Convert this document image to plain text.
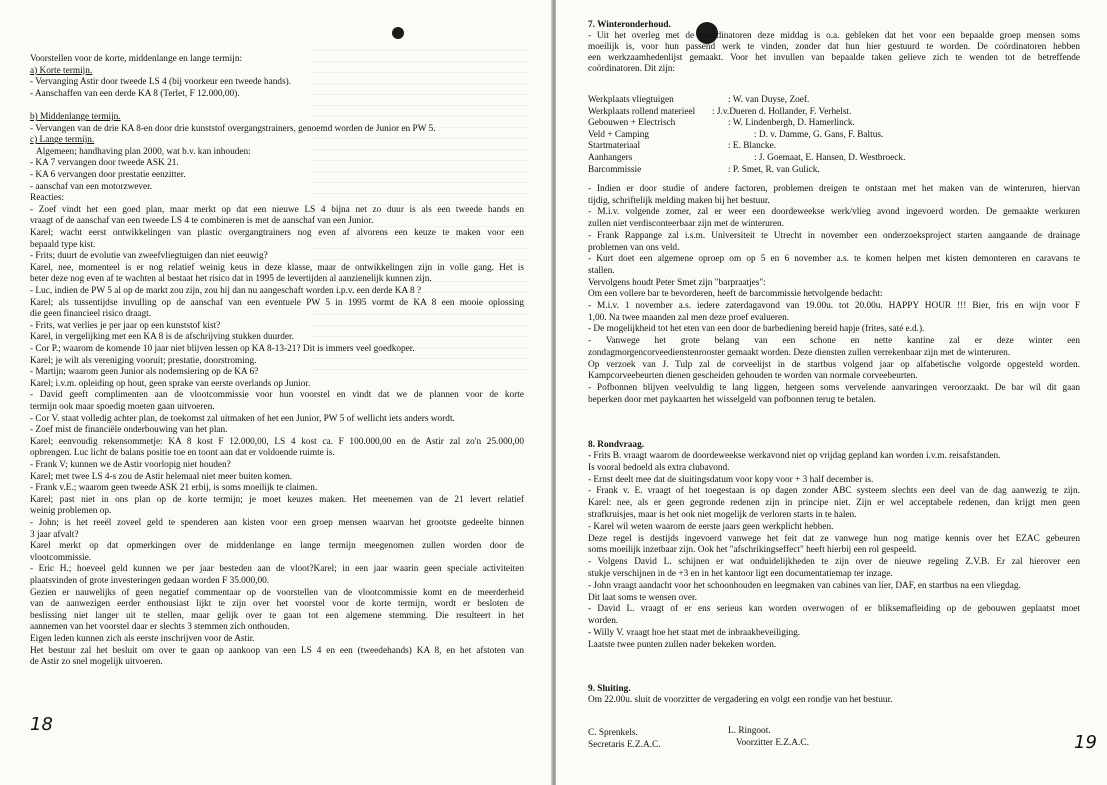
Voorstellen voor de korte, middenlange en lange termijn:
a) Korte termijn.
- Vervanging Astir door tweede LS 4 (bij voorkeur een tweede hands).
- Aanschaffen van een derde KA 8 (Terlet, F 12.000,00).
b) Middenlange termijn.
- Vervangen van de drie KA 8-en door drie kunststof overgangstrainers, genoemd worden de Junior en PW 5.
c) Lange termijn.
Algemeen; handhaving plan 2000, wat b.v. kan inhouden:
- KA 7 vervangen door tweede ASK 21.
- KA 6 vervangen door prestatie eenzitter.
- aanschaf van een motorzwever.
Reacties:
- Zoef vindt het een goed plan, maar merkt op dat een nieuwe LS 4 bijna net zo duur is als een tweede hands en
vraagt of de aanschaf van een tweede LS 4 te combineren is met de aanschaf van een Junior.
Karel; wacht eerst ontwikkelingen van plastic overgangtrainers nog even af alvorens een keuze te maken voor een
bepaald type kist.
- Frits; duurt de evolutie van zweefvliegtuigen dan niet eeuwig?
Karel, nee, momenteel is er nog relatief weinig keus in deze klasse, maar de ontwikkelingen zijn in volle gang. Het is
beter deze nog even af te wachten al bestaat het risico dat in 1995 de levertijden al aanzienelijk kunnen zijn.
- Luc, indien de PW 5 al op de markt zou zijn, zou hij dan nu aangeschaft worden i.p.v. een derde KA 8 ?
Karel; als tussentijdse invulling op de aanschaf van een eventuele PW 5 in 1995 vormt de KA 8 een mooie oplossing
die geen financieel risico draagt.
- Frits, wat verlies je per jaar op een kunststof kist?
Karel, in vergelijking met een KA 8 is de afschrijving stukken duurder.
- Cor P.; waarom de komende 10 jaar niet blijven lessen op KA 8-13-21? Dit is immers veel goedkoper.
Karel; je wilt als vereniging vooruit; prestatie, doorstroming.
- Martijn; waarom geen Junior als nodemsiering op de KA 6?
Karel; i.v.m. opleiding op hout, geen sprake van eerste overlands op Junior.
- David geeft complimenten aan de vlootcommissie voor hun voorstel en vindt dat we de plannen voor de korte
termijn ook maar spoedig moeten gaan uitvoeren.
- Cor V. staat volledig achter plan, de toekomst zal uitmaken of het een Junior, PW 5 of wellicht iets anders wordt.
- Zoef mist de financiële onderbouwing van het plan.
Karel; eenvoudig rekensommetje: KA 8 kost F 12.000,00, LS 4 kost ca. F 100.000,00 en de Astir zal zo'n 25.000,00
opbrengen. Luc licht de balans positie toe en toont aan dat er voldoende ruimte is.
- Frank V; kunnen we de Astir voorlopig niet houden?
Karel; met twee LS 4-s zou de Astir helemaal niet meer buiten komen.
- Frank v.E.; waarom geen tweede ASK 21 erbij, is soms moeilijk te claimen.
Karel; past niet in ons plan op de korte termijn; je moet keuzes maken. Het meenemen van de 21 levert relatief
weinig problemen op.
- John; is het reeël zoveel geld te spenderen aan kisten voor een groep mensen waarvan het grootste gedeelte binnen
3 jaar afvalt?
Karel merkt op dat opmerkingen over de middenlange en lange termijn meegenomen zullen worden door de
vlootcommissie.
- Eric H.; hoeveel geld kunnen we per jaar besteden aan de vloot?Karel; in een jaar waarin geen speciale activiteiten
plaatsvinden of grote investeringen gedaan worden F 35.000,00.
Gezien er nauwelijks of geen negatief commentaar op de voorstellen van de vlootcommissie komt en de meerderheid
van de aanwezigen eerder enthousiast lijkt te zijn over het voorstel voor de korte termijn, wordt er besloten de
beslissing niet langer uit te stellen, maar gelijk over te gaan tot een algemene stemming. Die resulteert in het
aannemen van het voorstel daar er slechts 3 stemmen zich onthouden.
Eigen leden kunnen zich als eerste inschrijven voor de Astir.
Het bestuur zal het besluit om over te gaan op aankoop van een LS 4 en een (tweedehands) KA 8, en het afstoten van
de Astir zo snel mogelijk uitvoeren.
18
7. Winteronderhoud.
8. Rondvraag.
9. Sluiting.
Om 22.00u. sluit de voorzitter de vergadering en volgt een rondje van het bestuur.
C. Sprenkels.
Secretaris E.Z.A.C.
L. Ringoot.
Voorzitter E.Z.A.C.
- Uit het overleg met de coördinatoren deze middag is o.a. gebleken dat het voor een bepaalde groep mensen soms
moeilijk is, voor hun passend werk te vinden, zonder dat hun hier gestuurd te worden. De coördinatoren hebben
een werkzaamhedenlijst gemaakt. Voor het invullen van bepaalde taken gelieve zich te wenden tot de betreffende
coördinatoren. Dit zijn:
Werkplaats vliegtuigen	: W. van Duyse, Zoef.
Werkplaats rollend materieel : J.v.Dueren d. Hollander, F. Verhelst.
Gebouwen + Electrisch	: W. Lindenbergh, D. Hamerlinck.
Veld + Camping	: D. v. Damme, G. Gans, F. Baltus.
Startmateriaal	: E. Blancke.
Aanhangers	: J. Goemaat, E. Hansen, D. Westbroeck.
Barcommissie	: P. Smet, R. van Gulick.
- Indien er door studie of andere factoren, problemen dreigen te ontstaan met het maken van de winteruren, hiervan
tijdig, schriftelijk melding maken bij het bestuur.
- M.i.v. volgende zomer, zal er weer een doordeweekse werk/vlieg avond ingevoerd worden. De gemaakte werkuren
zullen niet verdisconteerbaar zijn met de winteruren.
- Frank Rappange zal i.s.m. Universiteit te Utrecht in november een onderzoeksproject starten aangaande de drainage
problemen van ons veld.
- Kurt doet een algemene oproep om op 5 en 6 november a.s. te komen helpen met kisten demonteren en caravans te
stallen.
Vervolgens houdt Peter Smet zijn "barpraatjes":
Om een vollere bar te bevorderen, heeft de barcommissie hetvolgende bedacht:
- M.i.v. 1 november a.s. iedere zaterdagavond van 19.00u. tot 20.00u. HAPPY HOUR !!! Bier, fris en wijn voor F
1,00. Na twee maanden zal men deze proef evalueren.
- De mogelijkheid tot het eten van een door de barbediening bereid hapje (frites, saté e.d.).
- Vanwege het grote belang van een schone en nette kantine zal er deze winter een
zondagmorgencorveedienstenrooster gemaakt worden. Deze diensten zullen verrekenbaar zijn met de winteruren.
Op verzoek van J. Tulp zal de corveelijst in de startbus volgend jaar op alfabetische volgorde opgesteld worden.
Kampcorveebeurten dienen gescheiden gehouden te worden van normale corveebeurten.
- Pofbonnen blijven veelvuldig te lang liggen, hetgeen soms vervelende aanvaringen veroorzaakt. De bar wil dit gaan
beperken door met paykaarten het wisselgeld van pofbonnen terug te betalen.
- Frits B. vraagt waarom de doordeweekse werkavond niet op vrijdag gepland kan worden i.v.m. reisafstanden.
Is vooral bedoeld als extra clubavond.
- Ernst deelt mee dat de sluitingsdatum voor kopy voor + 3 half december is.
- Frank v. E. vraagt of het toegestaan is op dagen zonder ABC systeem slechts een deel van de dag aanwezig te zijn.
Karel: nee, als er geen gegronde redenen zijn in principe niet. Zijn er wel acceptabele redenen, dan krijgt men geen
strafkruisjes, maar is het ook niet mogelijk de verloren starts in te halen.
- Karel wil weten waarom de eerste jaars geen werkplicht hebben.
Deze regel is destijds ingevoerd vanwege het feit dat ze vanwege hun nog matige kennis over het EZAC gebeuren
soms moeilijk inzetbaar zijn. Ook het "afschrikingseffect" heeft hierbij een rol gespeeld.
- Volgens David L. schijnen er wat onduidelijkheden te zijn over de nieuwe regeling Z.V.B. Er zal hierover een
stukje verschijnen in de +3 en in het kantoor ligt een documentatiemap ter inzage.
- John vraagt aandacht voor het schoonhouden en leegmaken van cabines van lier, DAF, en startbus na een vliegdag.
Dit laat soms te wensen over.
- David L. vraagt of er ens serieus kan worden overwogen of er bliksemafleiding op de gebouwen geplaatst moet
worden.
- Willy V. vraagt hoe het staat met de inbraakbeveiliging.
Laatste twee punten zullen nader bekeken worden.
19
